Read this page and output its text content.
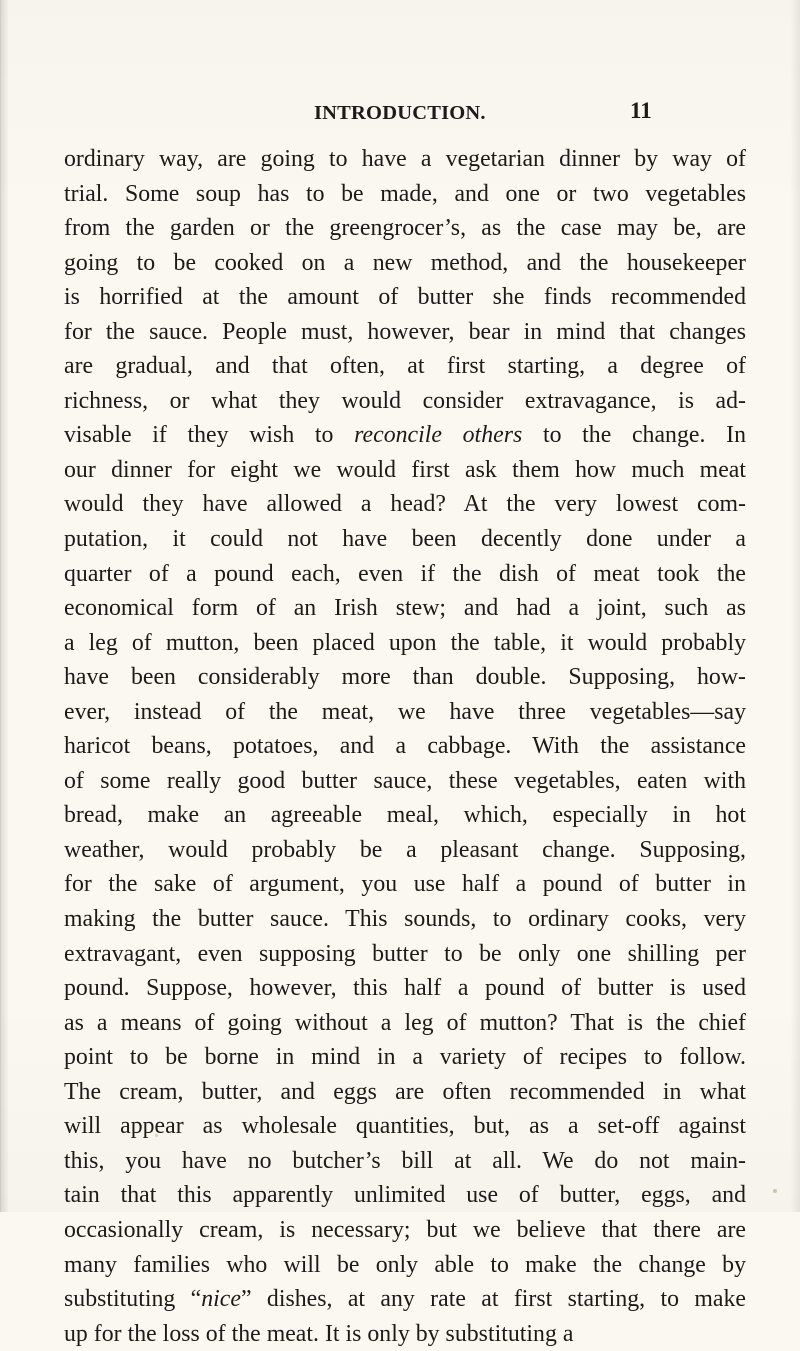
INTRODUCTION.	11
ordinary way, are going to have a vegetarian dinner by way of
trial. Some soup has to be made, and one or two vegetables
from the garden or the greengrocer’s, as the case may be, are
going to be cooked on a new method, and the housekeeper
is horrified at the amount of butter she finds recommended
for the sauce. People must, however, bear in mind that changes
are gradual, and that often, at first starting, a degree of
richness, or what they would consider extravagance, is ad-
visable if they wish to reconcile others to the change. In
our dinner for eight we would first ask them how much meat
would they have allowed a head? At the very lowest com-
putation, it could not have been decently done under a
quarter of a pound each, even if the dish of meat took the
economical form of an Irish stew; and had a joint, such as
a leg of mutton, been placed upon the table, it would probably
have been considerably more than double. Supposing, how-
ever, instead of the meat, we have three vegetables—say
haricot beans, potatoes, and a cabbage. With the assistance
of some really good butter sauce, these vegetables, eaten with
bread, make an agreeable meal, which, especially in hot
weather, would probably be a pleasant change. Supposing,
for the sake of argument, you use half a pound of butter in
making the butter sauce. This sounds, to ordinary cooks, very
extravagant, even supposing butter to be only one shilling per
pound. Suppose, however, this half a pound of butter is used
as a means of going without a leg of mutton? That is the chief
point to be borne in mind in a variety of recipes to follow.
The cream, butter, and eggs are often recommended in what
will appear as wholesale quantities, but, as a set-off against
this, you have no butcher’s bill at all. We do not main-
tain that this apparently unlimited use of butter, eggs, and
occasionally cream, is necessary; but we believe that there are
many families who will be only able to make the change by
substituting “nice” dishes, at any rate at first starting, to make
up for the loss of the meat. It is only by substituting a
